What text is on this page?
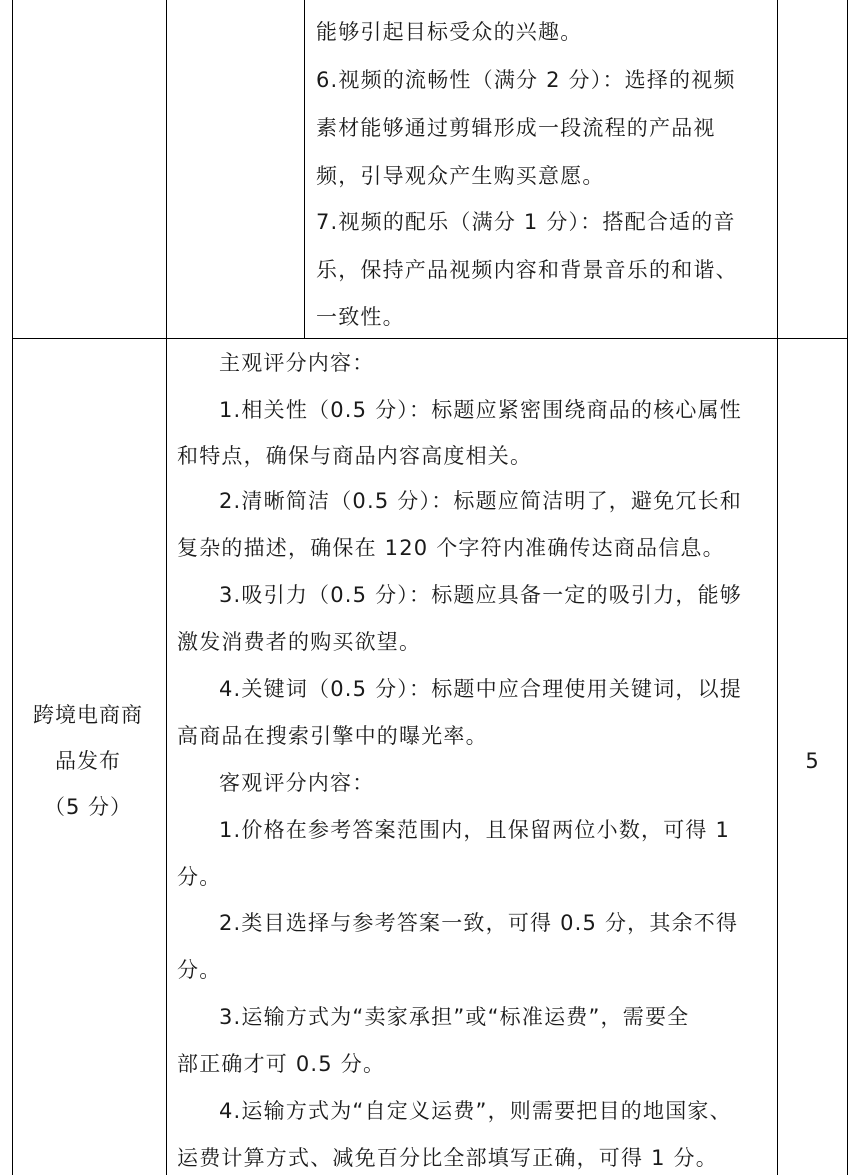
能够引起目标受众的兴趣。
6.视频的流畅性（满分 2 分）：选择的视频
素材能够通过剪辑形成一段流程的产品视
频，引导观众产生购买意愿。
7.视频的配乐（满分 1 分）：搭配合适的音
乐，保持产品视频内容和背景音乐的和谐、
一致性。
跨境电商商
品发布
（5 分）
主观评分内容：
1.相关性（0.5 分）：标题应紧密围绕商品的核心属性
和特点，确保与商品内容高度相关。
2.清晰简洁（0.5 分）：标题应简洁明了，避免冗长和
复杂的描述，确保在 120 个字符内准确传达商品信息。
3.吸引力（0.5 分）：标题应具备一定的吸引力，能够
激发消费者的购买欲望。
4.关键词（0.5 分）：标题中应合理使用关键词，以提
高商品在搜索引擎中的曝光率。
客观评分内容：
1.价格在参考答案范围内，且保留两位小数，可得 1
分。
2.类目选择与参考答案一致，可得 0.5 分，其余不得
分。
3.运输方式为“卖家承担”或“标准运费”，需要全
部正确才可 0.5 分。
4.运输方式为“自定义运费”，则需要把目的地国家、
运费计算方式、减免百分比全部填写正确，可得 1 分。
5
